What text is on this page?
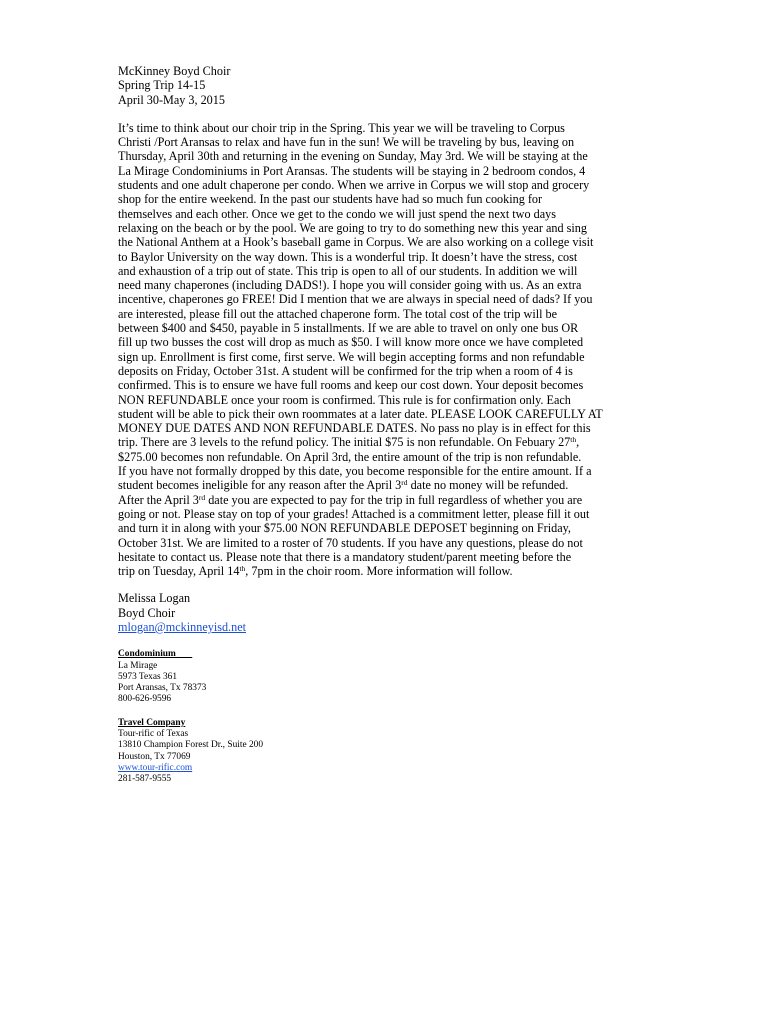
McKinney Boyd Choir
Spring Trip 14-15
April 30-May 3, 2015
It’s time to think about our choir trip in the Spring. This year we will be traveling to Corpus
Christi /Port Aransas to relax and have fun in the sun! We will be traveling by bus, leaving on
Thursday, April 30th and returning in the evening on Sunday, May 3rd. We will be staying at the
La Mirage Condominiums in Port Aransas. The students will be staying in 2 bedroom condos, 4
students and one adult chaperone per condo. When we arrive in Corpus we will stop and grocery
shop for the entire weekend. In the past our students have had so much fun cooking for
themselves and each other. Once we get to the condo we will just spend the next two days
relaxing on the beach or by the pool. We are going to try to do something new this year and sing
the National Anthem at a Hook’s baseball game in Corpus. We are also working on a college visit
to Baylor University on the way down. This is a wonderful trip. It doesn’t have the stress, cost
and exhaustion of a trip out of state. This trip is open to all of our students. In addition we will
need many chaperones (including DADS!). I hope you will consider going with us. As an extra
incentive, chaperones go FREE! Did I mention that we are always in special need of dads? If you
are interested, please fill out the attached chaperone form. The total cost of the trip will be
between $400 and $450, payable in 5 installments. If we are able to travel on only one bus OR
fill up two busses the cost will drop as much as $50. I will know more once we have completed
sign up. Enrollment is first come, first serve. We will begin accepting forms and non refundable
deposits on Friday, October 31st. A student will be confirmed for the trip when a room of 4 is
confirmed. This is to ensure we have full rooms and keep our cost down. Your deposit becomes
NON REFUNDABLE once your room is confirmed. This rule is for confirmation only. Each
student will be able to pick their own roommates at a later date. PLEASE LOOK CAREFULLY AT
MONEY DUE DATES AND NON REFUNDABLE DATES. No pass no play is in effect for this
trip. There are 3 levels to the refund policy. The initial $75 is non refundable. On Febuary 27th,
$275.00 becomes non refundable. On April 3rd, the entire amount of the trip is non refundable.
If you have not formally dropped by this date, you become responsible for the entire amount. If a
student becomes ineligible for any reason after the April 3rd date no money will be refunded.
After the April 3rd date you are expected to pay for the trip in full regardless of whether you are
going or not. Please stay on top of your grades! Attached is a commitment letter, please fill it out
and turn it in along with your $75.00 NON REFUNDABLE DEPOSET beginning on Friday,
October 31st. We are limited to a roster of 70 students. If you have any questions, please do not
hesitate to contact us. Please note that there is a mandatory student/parent meeting before the
trip on Tuesday, April 14th, 7pm in the choir room. More information will follow.
Melissa Logan
Boyd Choir
mlogan@mckinneyisd.net
Condominium
La Mirage
5973 Texas 361
Port Aransas, Tx 78373
800-626-9596
Travel Company
Tour-rific of Texas
13810 Champion Forest Dr., Suite 200
Houston, Tx 77069
www.tour-rific.com
281-587-9555
